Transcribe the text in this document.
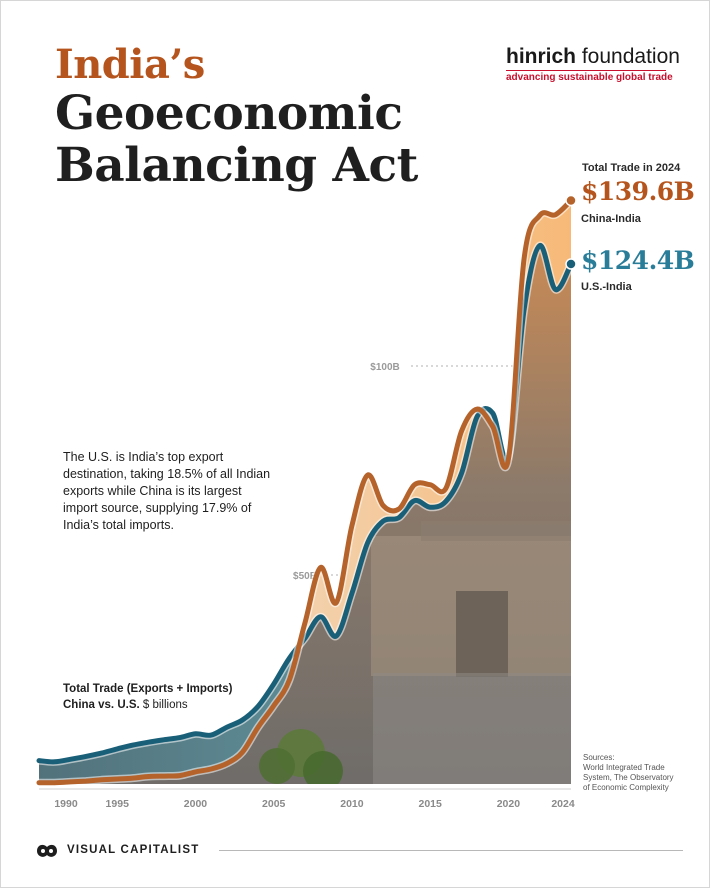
India’s
Geoeconomic
Balancing Act
hinrich foundation
advancing sustainable global trade
$50B
$100B
1990	1995	2000	2005	2010	2015	2020	2024
Total Trade in 2024
$139.6B
China-India
$124.4B
U.S.-India
The U.S. is India’s top export destination, taking 18.5% of all Indian exports while China is its largest import source, supplying 17.9% of India’s total imports.
Total Trade (Exports + Imports)
China vs. U.S. $ billions
Sources:
World Integrated Trade
System, The Observatory
of Economic Complexity
VISUAL CAPITALIST
